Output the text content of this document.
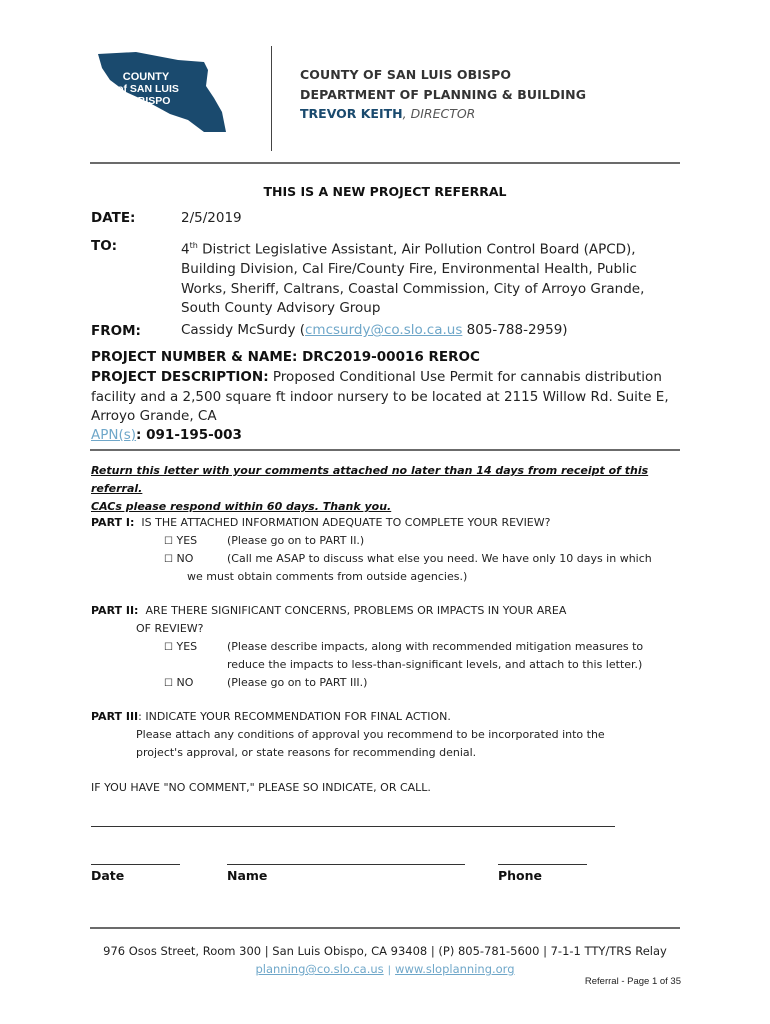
COUNTY
of SAN LUIS
OBISPO
COUNTY OF SAN LUIS OBISPO
DEPARTMENT OF PLANNING & BUILDING
TREVOR KEITH, DIRECTOR
THIS IS A NEW PROJECT REFERRAL
DATE:	2/5/2019
TO:	4th District Legislative Assistant, Air Pollution Control Board (APCD), Building Division, Cal Fire/County Fire, Environmental Health, Public Works, Sheriff, Caltrans, Coastal Commission, City of Arroyo Grande, South County Advisory Group
FROM:	Cassidy McSurdy (cmcsurdy@co.slo.ca.us 805-788-2959)
PROJECT NUMBER & NAME: DRC2019-00016 REROC
PROJECT DESCRIPTION: Proposed Conditional Use Permit for cannabis distribution facility and a 2,500 square ft indoor nursery to be located at 2115 Willow Rd. Suite E, Arroyo Grande, CA
APN(s): 091-195-003
Return this letter with your comments attached no later than 14 days from receipt of this referral.
CACs please respond within 60 days. Thank you.
PART I: IS THE ATTACHED INFORMATION ADEQUATE TO COMPLETE YOUR REVIEW?
☐ YES	(Please go on to PART II.)
☐ NO	(Call me ASAP to discuss what else you need. We have only 10 days in which
we must obtain comments from outside agencies.)
PART II: ARE THERE SIGNIFICANT CONCERNS, PROBLEMS OR IMPACTS IN YOUR AREA
OF REVIEW?
☐ YES	(Please describe impacts, along with recommended mitigation measures to
reduce the impacts to less-than-significant levels, and attach to this letter.)
☐ NO	(Please go on to PART III.)
PART III: INDICATE YOUR RECOMMENDATION FOR FINAL ACTION.
Please attach any conditions of approval you recommend to be incorporated into the
project's approval, or state reasons for recommending denial.
IF YOU HAVE "NO COMMENT," PLEASE SO INDICATE, OR CALL.
Date	Name	Phone
976 Osos Street, Room 300 | San Luis Obispo, CA 93408 | (P) 805-781-5600 | 7-1-1 TTY/TRS Relay
planning@co.slo.ca.us | www.sloplanning.org
Referral - Page 1 of 35
